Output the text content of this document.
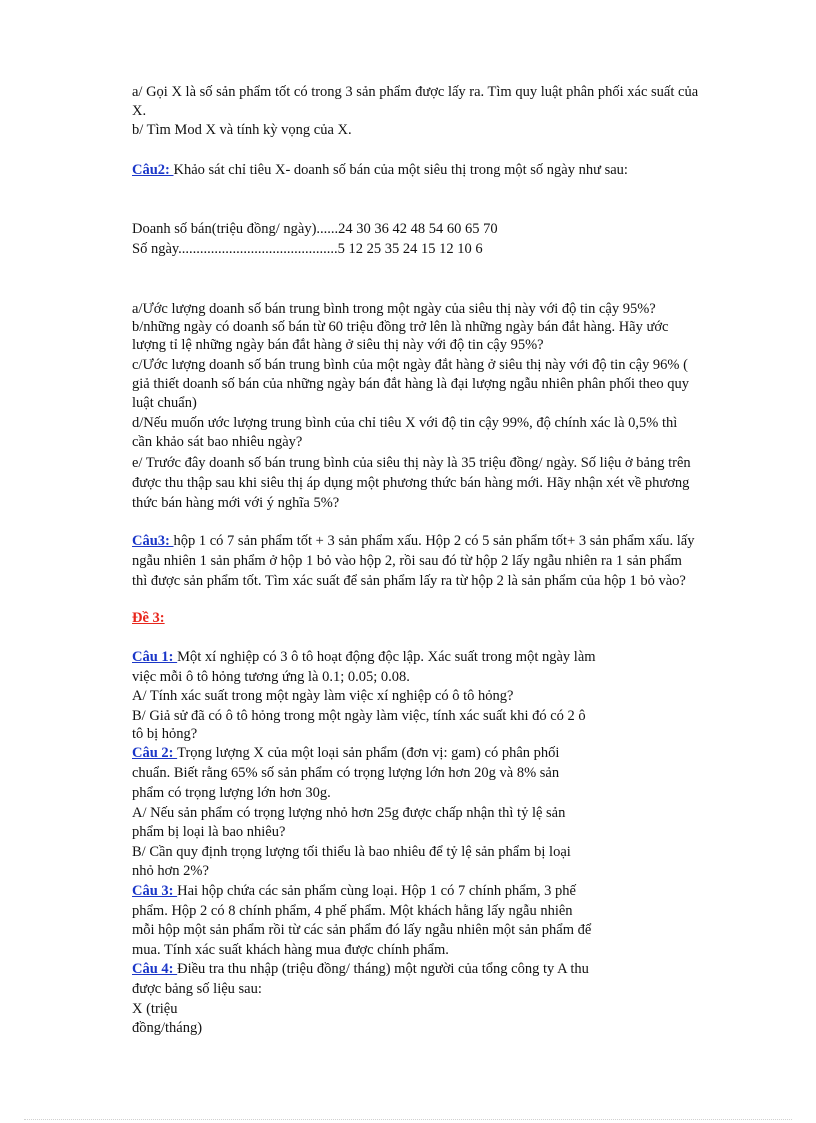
a/ Gọi X là số sản phẩm tốt có trong 3 sản phẩm được lấy ra. Tìm quy luật phân phối xác suất của
X.
b/ Tìm Mod X và tính kỳ vọng của X.
Câu2: Khảo sát chỉ tiêu X- doanh số bán của một siêu thị trong một số ngày như sau:
Doanh số bán(triệu đồng/ ngày)......24 30 36 42 48 54 60 65 70
Số ngày............................................5 12 25 35 24 15 12 10 6
a/Ước lượng doanh số bán trung bình trong một ngày của siêu thị này với độ tin cậy 95%?
b/những ngày có doanh số bán từ 60 triệu đồng trở lên là những ngày bán đắt hàng. Hãy ước
lượng tỉ lệ những ngày bán đắt hàng ở siêu thị này với độ tin cậy 95%?
c/Ước lượng doanh số bán trung bình của một ngày đắt hàng ở siêu thị này với độ tin cậy 96% (
giả thiết doanh số bán của những ngày bán đắt hàng là đại lượng ngẫu nhiên phân phối theo quy
luật chuẩn)
d/Nếu muốn ước lượng trung bình của chỉ tiêu X với độ tin cậy 99%, độ chính xác là 0,5% thì
cần khảo sát bao nhiêu ngày?
e/ Trước đây doanh số bán trung bình của siêu thị này là 35 triệu đồng/ ngày. Số liệu ở bảng trên
được thu thập sau khi siêu thị áp dụng một phương thức bán hàng mới. Hãy nhận xét về phương
thức bán hàng mới với ý nghĩa 5%?
Câu3: hộp 1 có 7 sản phẩm tốt + 3 sản phẩm xấu. Hộp 2 có 5 sản phẩm tốt+ 3 sản phẩm xấu. lấy
ngẫu nhiên 1 sản phẩm ở hộp 1 bỏ vào hộp 2, rồi sau đó từ hộp 2 lấy ngẫu nhiên ra 1 sản phẩm
thì được sản phẩm tốt. Tìm xác suất để sản phẩm lấy ra từ hộp 2 là sản phẩm của hộp 1 bỏ vào?
Đề 3:
Câu 1: Một xí nghiệp có 3 ô tô hoạt động độc lập. Xác suất trong một ngày làm
việc mỗi ô tô hỏng tương ứng là 0.1; 0.05; 0.08.
A/ Tính xác suất trong một ngày làm việc xí nghiệp có ô tô hỏng?
B/ Giả sử đã có ô tô hỏng trong một ngày làm việc, tính xác suất khi đó có 2 ô
tô bị hỏng?
Câu 2: Trọng lượng X của một loại sản phẩm (đơn vị: gam) có phân phối
chuẩn. Biết rằng 65% số sản phẩm có trọng lượng lớn hơn 20g và 8% sản
phẩm có trọng lượng lớn hơn 30g.
A/ Nếu sản phẩm có trọng lượng nhỏ hơn 25g được chấp nhận thì tỷ lệ sản
phẩm bị loại là bao nhiêu?
B/ Cần quy định trọng lượng tối thiểu là bao nhiêu để tỷ lệ sản phẩm bị loại
nhỏ hơn 2%?
Câu 3: Hai hộp chứa các sản phẩm cùng loại. Hộp 1 có 7 chính phẩm, 3 phế
phẩm. Hộp 2 có 8 chính phẩm, 4 phế phẩm. Một khách hằng lấy ngẫu nhiên
mỗi hộp một sản phẩm rồi từ các sản phẩm đó lấy ngẫu nhiên một sản phẩm để
mua. Tính xác suất khách hàng mua được chính phẩm.
Câu 4: Điều tra thu nhập (triệu đồng/ tháng) một người của tổng công ty A thu
được bảng số liệu sau:
X (triệu
đồng/tháng)
